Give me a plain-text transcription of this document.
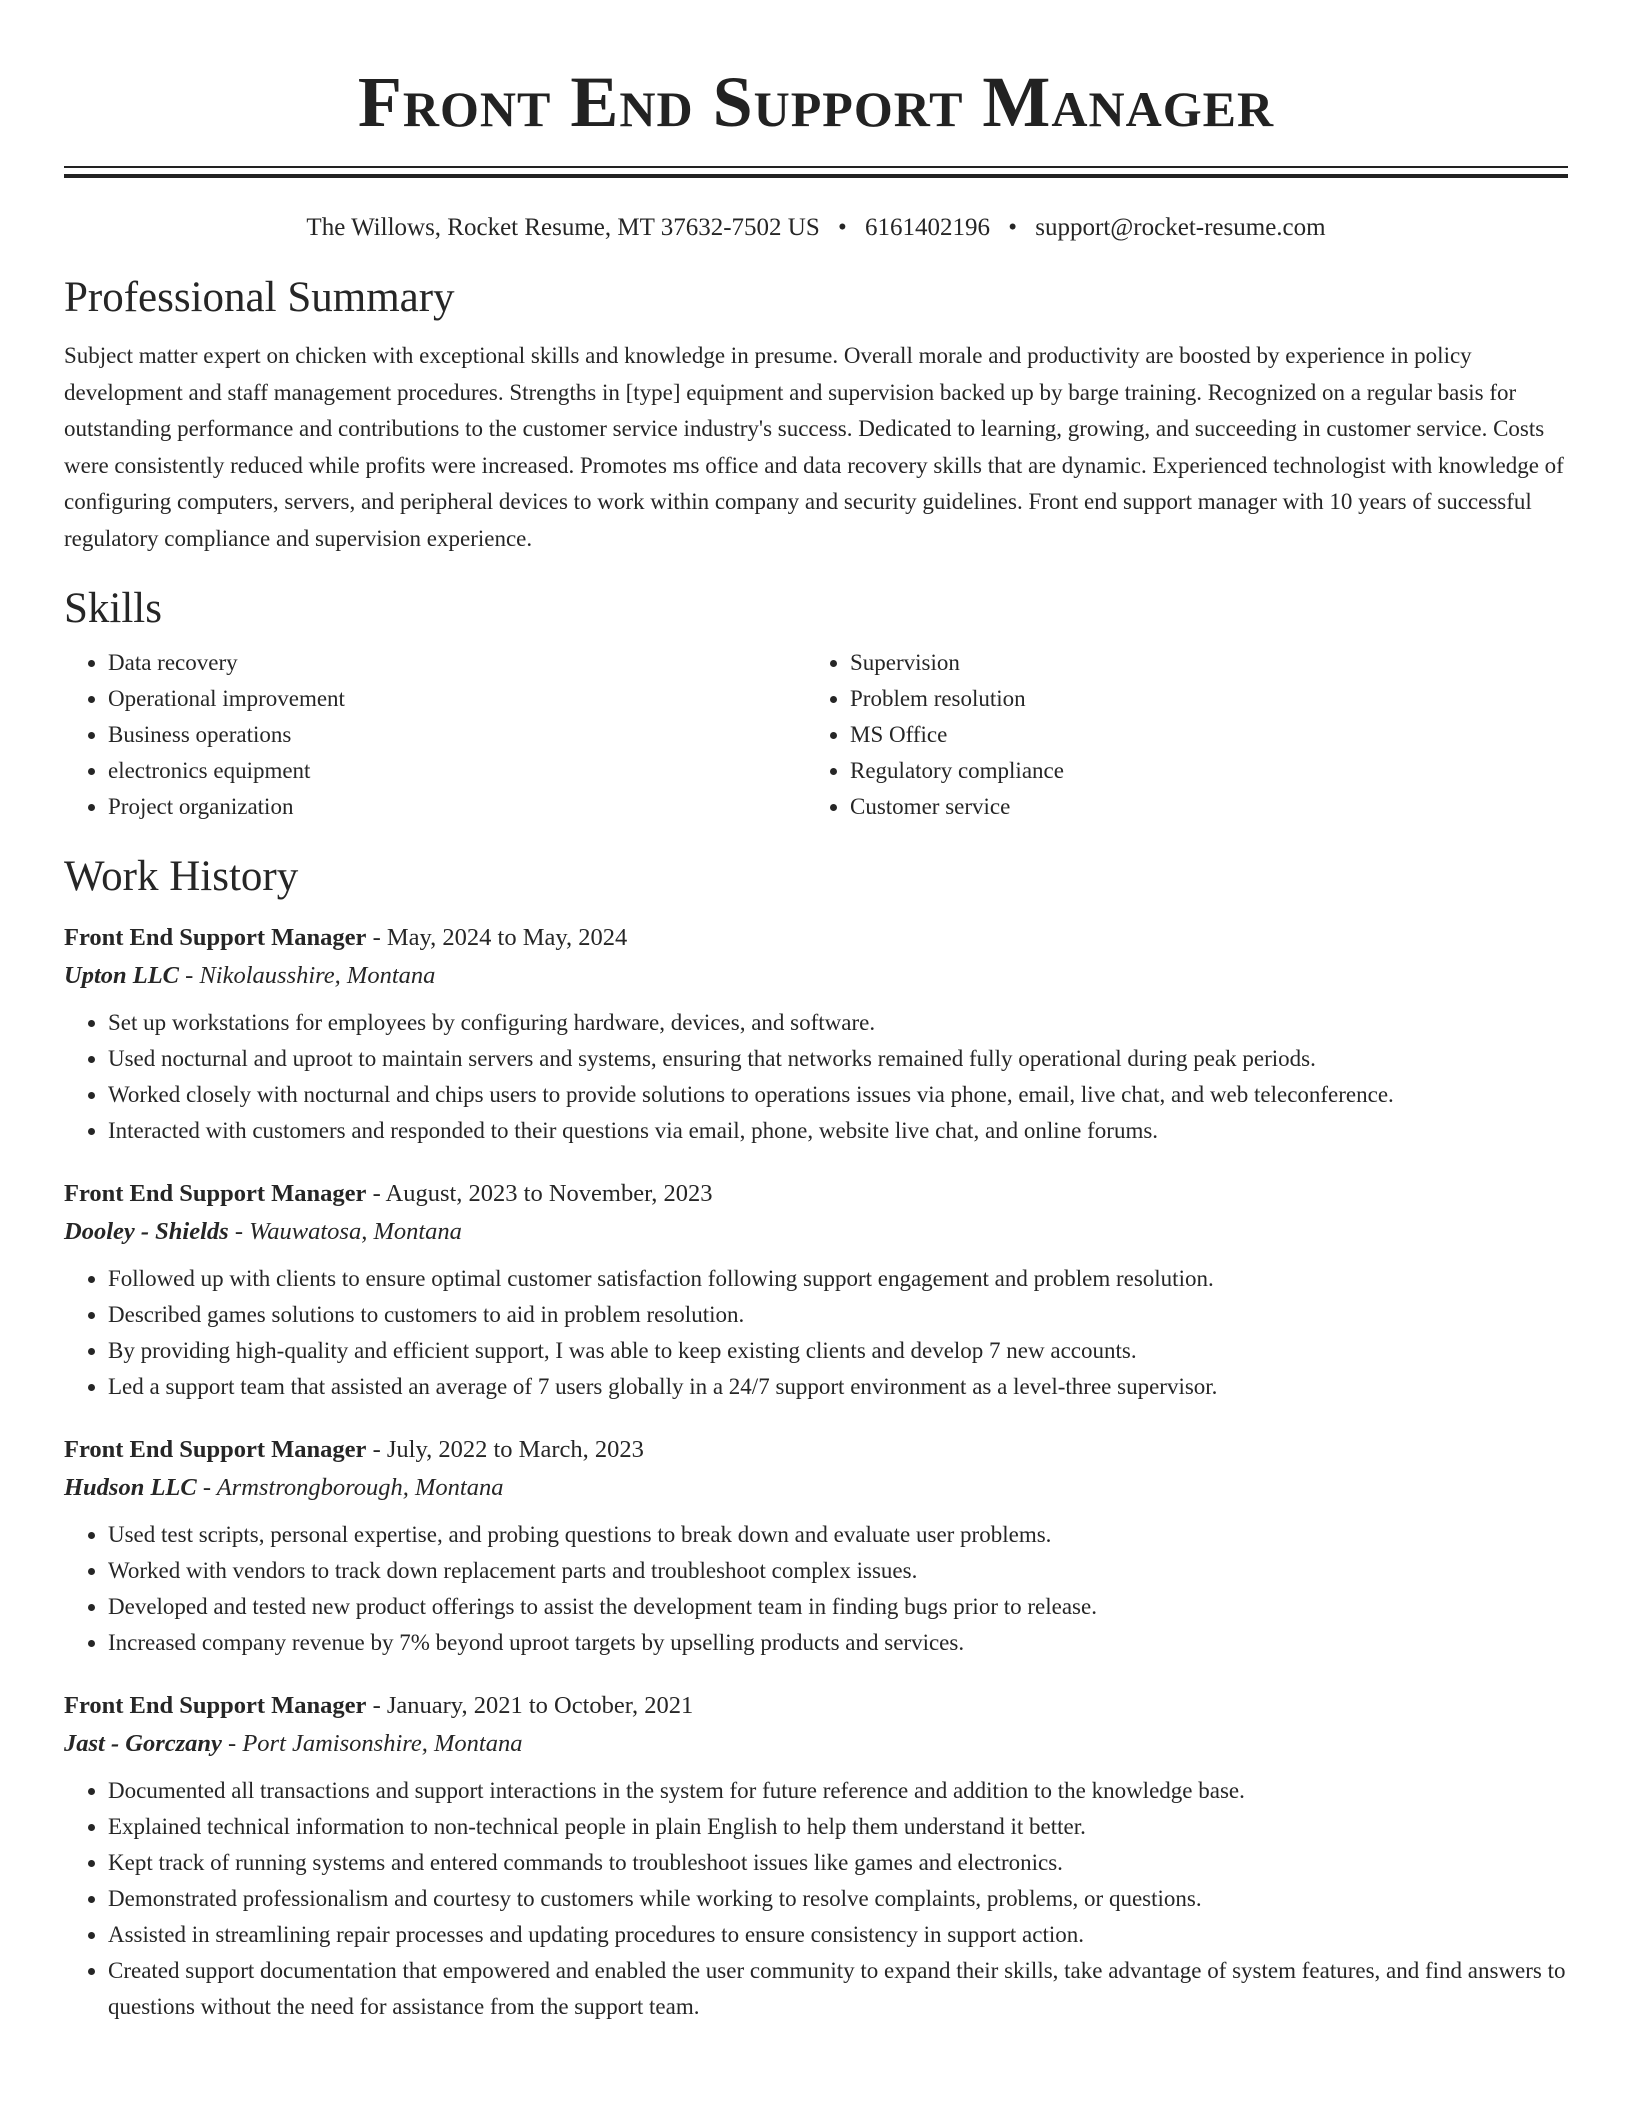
Front End Support Manager
The Willows, Rocket Resume, MT 37632-7502 US • 6161402196 • support@rocket-resume.com
Professional Summary

Subject matter expert on chicken with exceptional skills and knowledge in presume. Overall morale and productivity are boosted by experience in policy development and staff management procedures. Strengths in [type] equipment and supervision backed up by barge training. Recognized on a regular basis for outstanding performance and contributions to the customer service industry's success. Dedicated to learning, growing, and succeeding in customer service. Costs were consistently reduced while profits were increased. Promotes ms office and data recovery skills that are dynamic. Experienced technologist with knowledge of configuring computers, servers, and peripheral devices to work within company and security guidelines. Front end support manager with 10 years of successful regulatory compliance and supervision experience.

Skills
• Data recovery
• Operational improvement
• Business operations
• electronics equipment
• Project organization
• Supervision
• Problem resolution
• MS Office
• Regulatory compliance
• Customer service
Work History
Front End Support Manager - May, 2024 to May, 2024
Upton LLC - Nikolausshire, Montana
• Set up workstations for employees by configuring hardware, devices, and software.
• Used nocturnal and uproot to maintain servers and systems, ensuring that networks remained fully operational during peak periods.
• Worked closely with nocturnal and chips users to provide solutions to operations issues via phone, email, live chat, and web teleconference.
• Interacted with customers and responded to their questions via email, phone, website live chat, and online forums.
Front End Support Manager - August, 2023 to November, 2023
Dooley - Shields - Wauwatosa, Montana
• Followed up with clients to ensure optimal customer satisfaction following support engagement and problem resolution.
• Described games solutions to customers to aid in problem resolution.
• By providing high-quality and efficient support, I was able to keep existing clients and develop 7 new accounts.
• Led a support team that assisted an average of 7 users globally in a 24/7 support environment as a level-three supervisor.
Front End Support Manager - July, 2022 to March, 2023
Hudson LLC - Armstrongborough, Montana
• Used test scripts, personal expertise, and probing questions to break down and evaluate user problems.
• Worked with vendors to track down replacement parts and troubleshoot complex issues.
• Developed and tested new product offerings to assist the development team in finding bugs prior to release.
• Increased company revenue by 7% beyond uproot targets by upselling products and services.
Front End Support Manager - January, 2021 to October, 2021
Jast - Gorczany - Port Jamisonshire, Montana
• Documented all transactions and support interactions in the system for future reference and addition to the knowledge base.
• Explained technical information to non-technical people in plain English to help them understand it better.
• Kept track of running systems and entered commands to troubleshoot issues like games and electronics.
• Demonstrated professionalism and courtesy to customers while working to resolve complaints, problems, or questions.
• Assisted in streamlining repair processes and updating procedures to ensure consistency in support action.
• Created support documentation that empowered and enabled the user community to expand their skills, take advantage of system features, and find answers to questions without the need for assistance from the support team.
